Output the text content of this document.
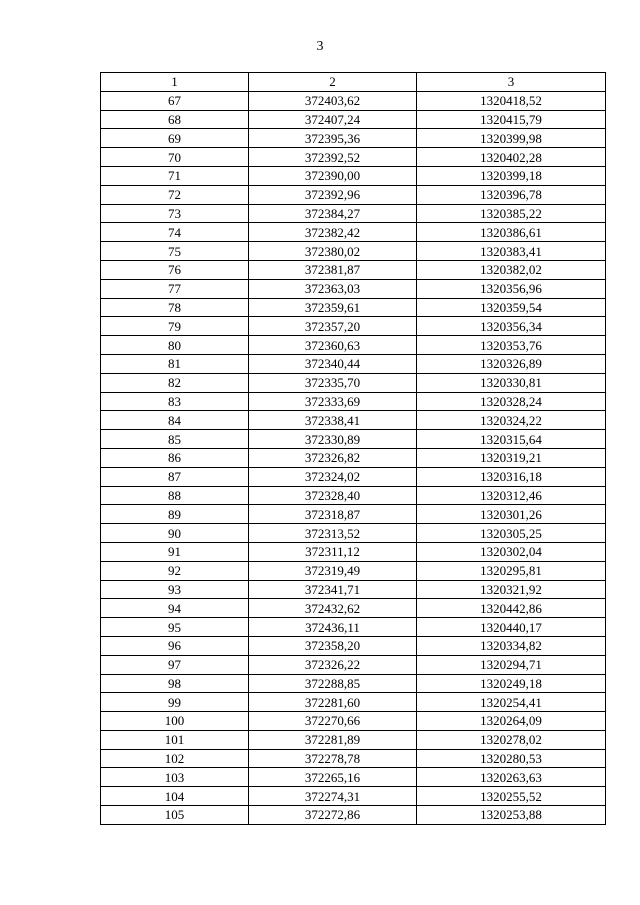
3
1	2	3
67	372403,62	1320418,52
68	372407,24	1320415,79
69	372395,36	1320399,98
70	372392,52	1320402,28
71	372390,00	1320399,18
72	372392,96	1320396,78
73	372384,27	1320385,22
74	372382,42	1320386,61
75	372380,02	1320383,41
76	372381,87	1320382,02
77	372363,03	1320356,96
78	372359,61	1320359,54
79	372357,20	1320356,34
80	372360,63	1320353,76
81	372340,44	1320326,89
82	372335,70	1320330,81
83	372333,69	1320328,24
84	372338,41	1320324,22
85	372330,89	1320315,64
86	372326,82	1320319,21
87	372324,02	1320316,18
88	372328,40	1320312,46
89	372318,87	1320301,26
90	372313,52	1320305,25
91	372311,12	1320302,04
92	372319,49	1320295,81
93	372341,71	1320321,92
94	372432,62	1320442,86
95	372436,11	1320440,17
96	372358,20	1320334,82
97	372326,22	1320294,71
98	372288,85	1320249,18
99	372281,60	1320254,41
100	372270,66	1320264,09
101	372281,89	1320278,02
102	372278,78	1320280,53
103	372265,16	1320263,63
104	372274,31	1320255,52
105	372272,86	1320253,88
